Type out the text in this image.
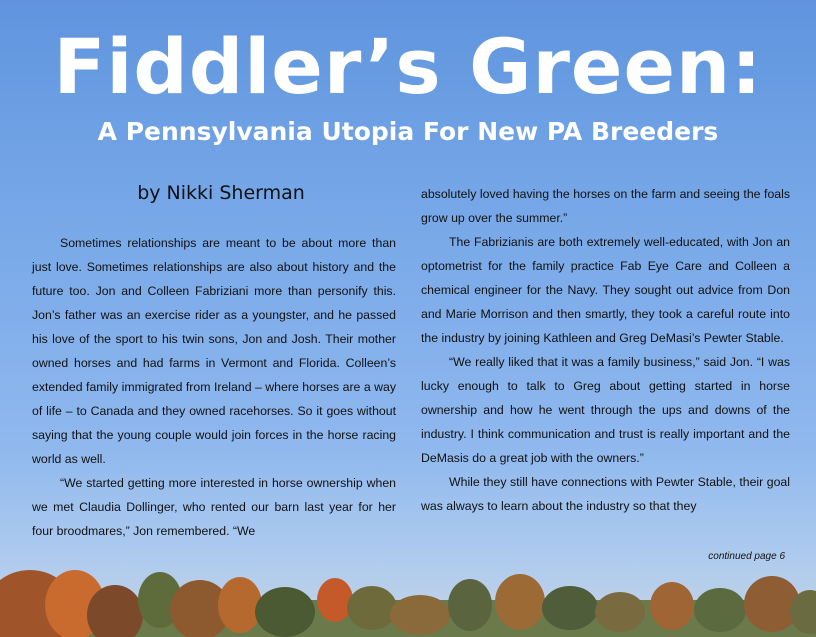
Fiddler’s Green:
A Pennsylvania Utopia For New PA Breeders
by Nikki Sherman

Sometimes relationships are meant to be about more than just love. Sometimes relationships are also about history and the future too. Jon and Colleen Fabriziani more than personify this. Jon’s father was an exercise rider as a youngster, and he passed his love of the sport to his twin sons, Jon and Josh. Their mother owned horses and had farms in Vermont and Florida. Colleen’s extended family immigrated from Ireland – where horses are a way of life – to Canada and they owned racehorses. So it goes without saying that the young couple would join forces in the horse racing world as well.

“We started getting more interested in horse ownership when we met Claudia Dollinger, who rented our barn last year for her four broodmares,” Jon remembered. “We

absolutely loved having the horses on the farm and seeing the foals grow up over the summer.”

The Fabrizianis are both extremely well-educated, with Jon an optometrist for the family practice Fab Eye Care and Colleen a chemical engineer for the Navy. They sought out advice from Don and Marie Morrison and then smartly, they took a careful route into the industry by joining Kathleen and Greg DeMasi’s Pewter Stable.

“We really liked that it was a family business,” said Jon. “I was lucky enough to talk to Greg about getting started in horse ownership and how he went through the ups and downs of the industry. I think communication and trust is really important and the DeMasis do a great job with the owners.”

While they still have connections with Pewter Stable, their goal was always to learn about the industry so that they

continued page 6
